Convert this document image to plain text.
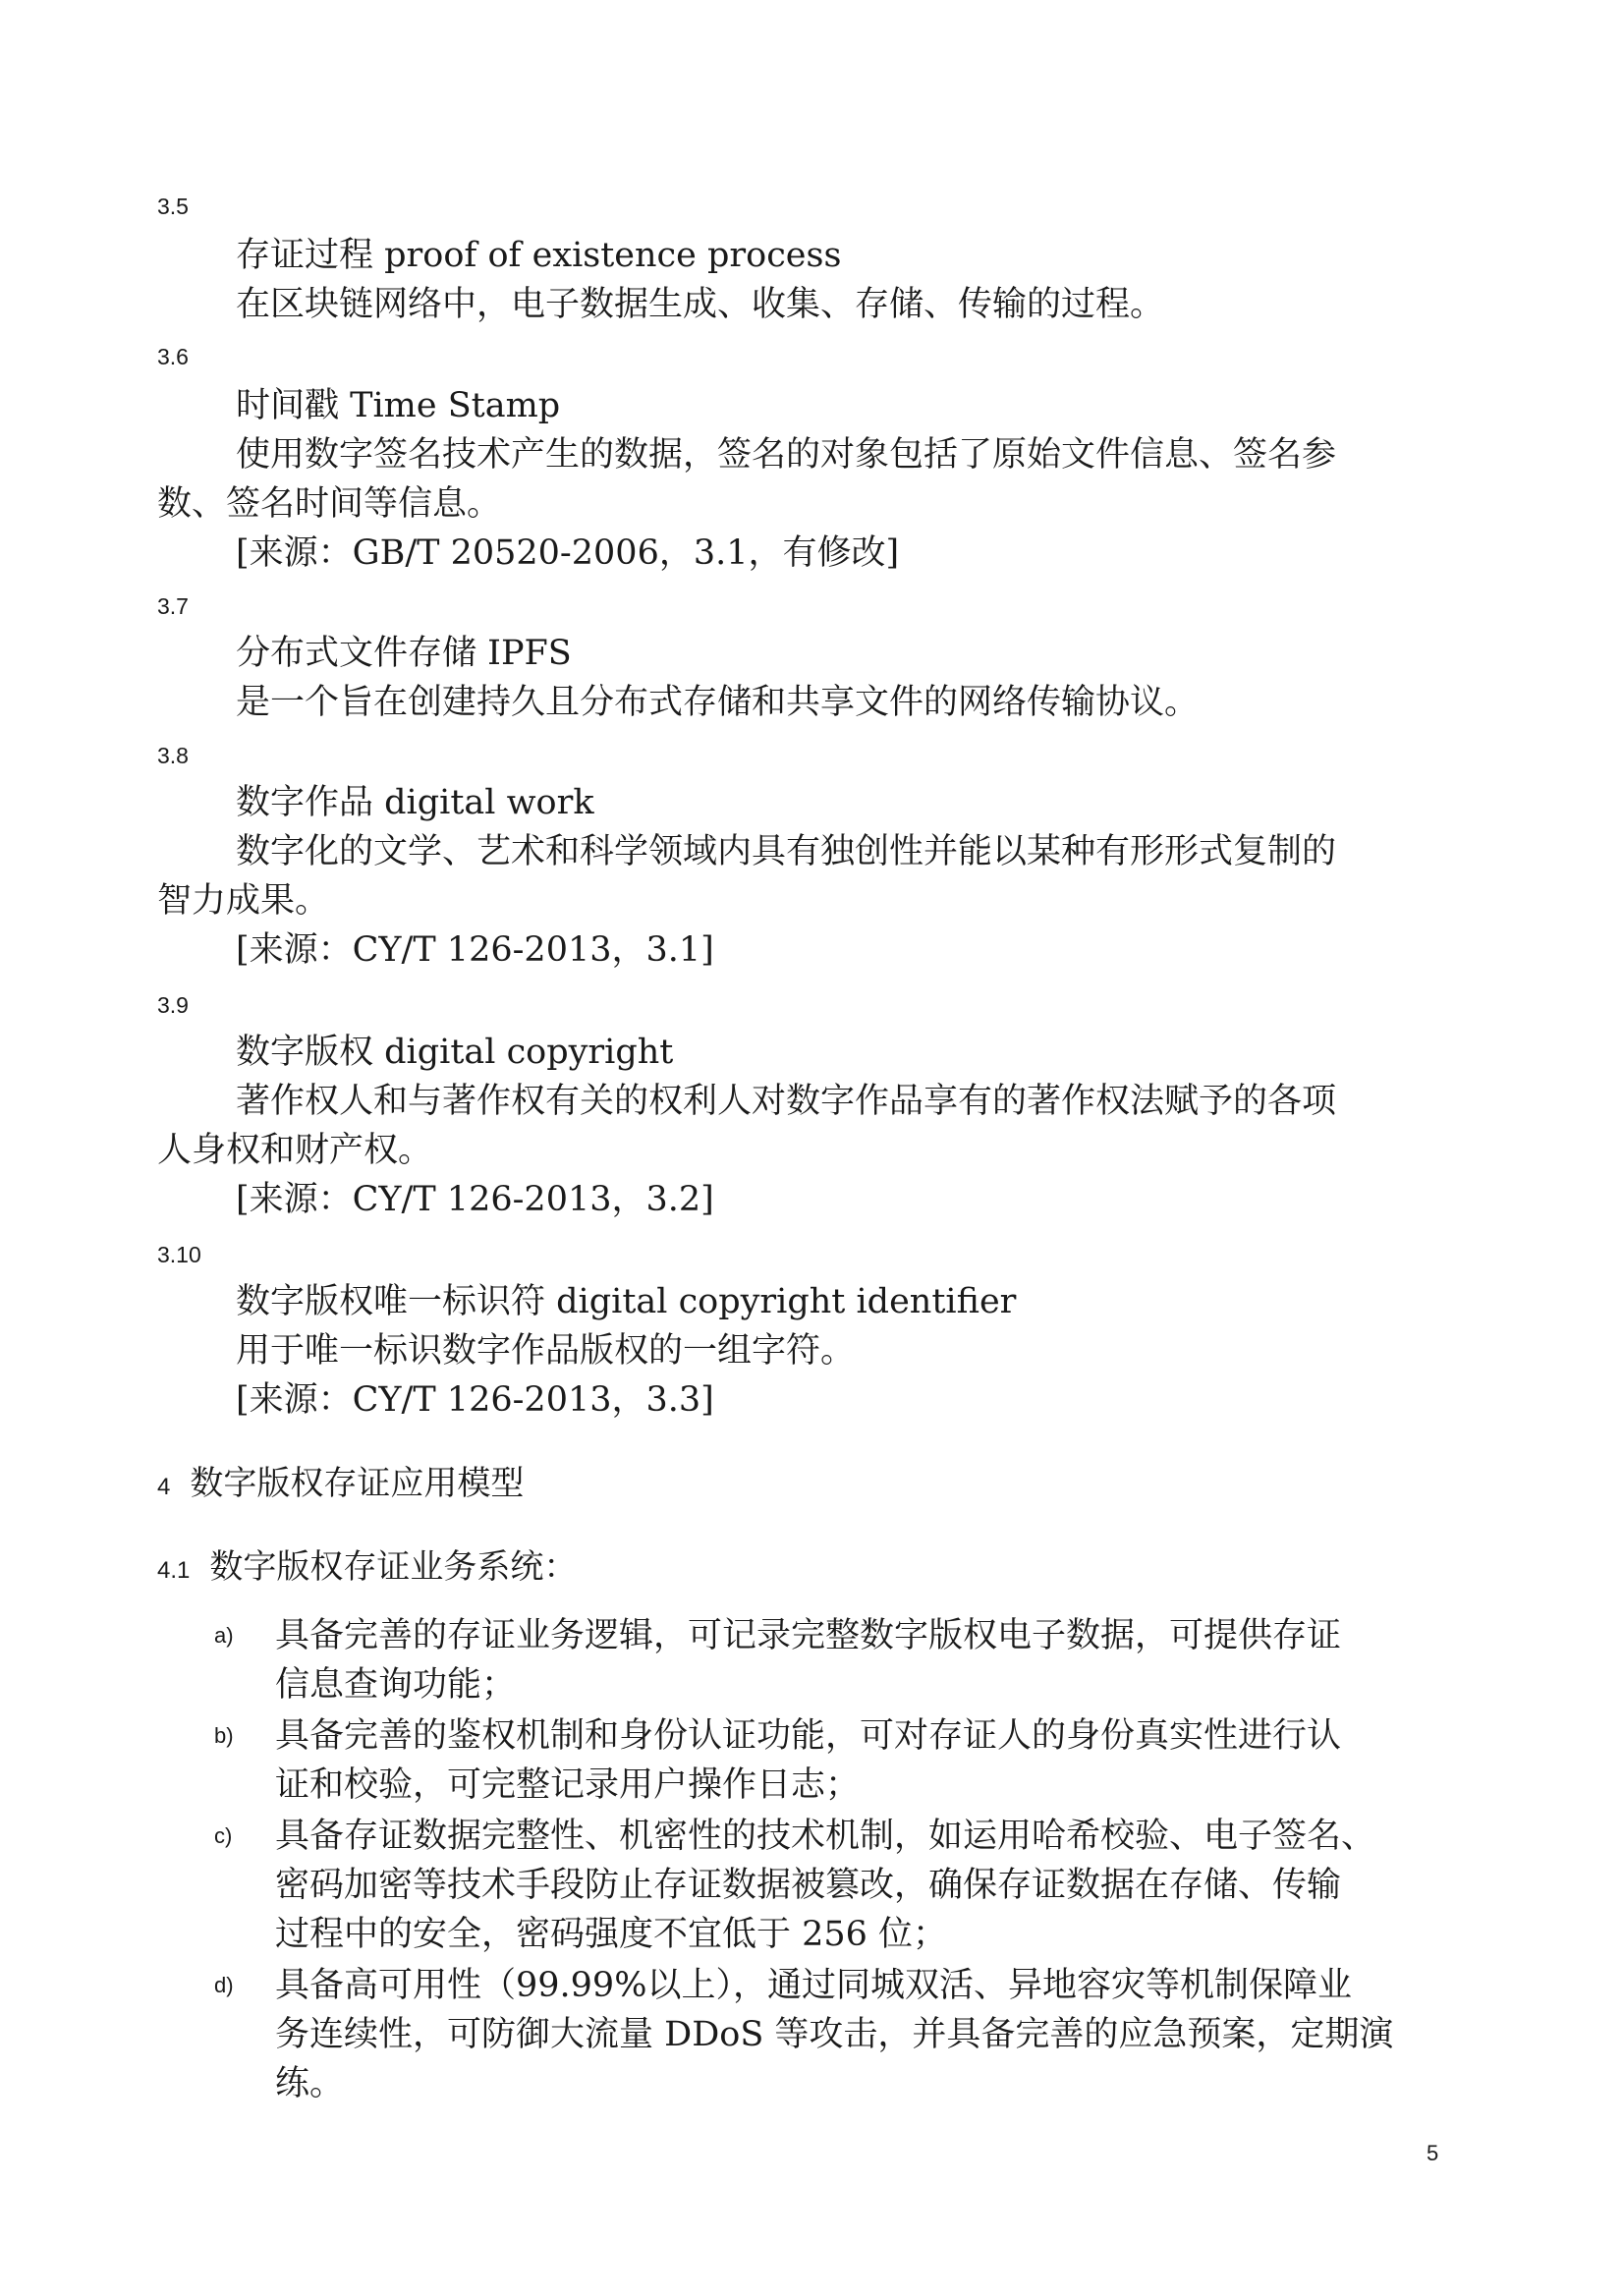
3.5
存证过程 proof of existence process
在区块链网络中，电子数据生成、收集、存储、传输的过程。
3.6
时间戳 Time Stamp
使用数字签名技术产生的数据，签名的对象包括了原始文件信息、签名参
数、签名时间等信息。
[来源：GB/T 20520-2006，3.1，有修改]
3.7
分布式文件存储 IPFS
是一个旨在创建持久且分布式存储和共享文件的网络传输协议。
3.8
数字作品 digital work
数字化的文学、艺术和科学领域内具有独创性并能以某种有形形式复制的
智力成果。
[来源：CY/T 126-2013，3.1]
3.9
数字版权 digital copyright
著作权人和与著作权有关的权利人对数字作品享有的著作权法赋予的各项
人身权和财产权。
[来源：CY/T 126-2013，3.2]
3.10
数字版权唯一标识符 digital copyright identifier
用于唯一标识数字作品版权的一组字符。
[来源：CY/T 126-2013，3.3]
4 数字版权存证应用模型
4.1 数字版权存证业务系统：
a) 具备完善的存证业务逻辑，可记录完整数字版权电子数据，可提供存证
信息查询功能；
b) 具备完善的鉴权机制和身份认证功能，可对存证人的身份真实性进行认
证和校验，可完整记录用户操作日志；
c) 具备存证数据完整性、机密性的技术机制，如运用哈希校验、电子签名、
密码加密等技术手段防止存证数据被篡改，确保存证数据在存储、传输
过程中的安全，密码强度不宜低于 256 位；
d) 具备高可用性（99.99%以上），通过同城双活、异地容灾等机制保障业
务连续性，可防御大流量 DDoS 等攻击，并具备完善的应急预案，定期演
练。
5
